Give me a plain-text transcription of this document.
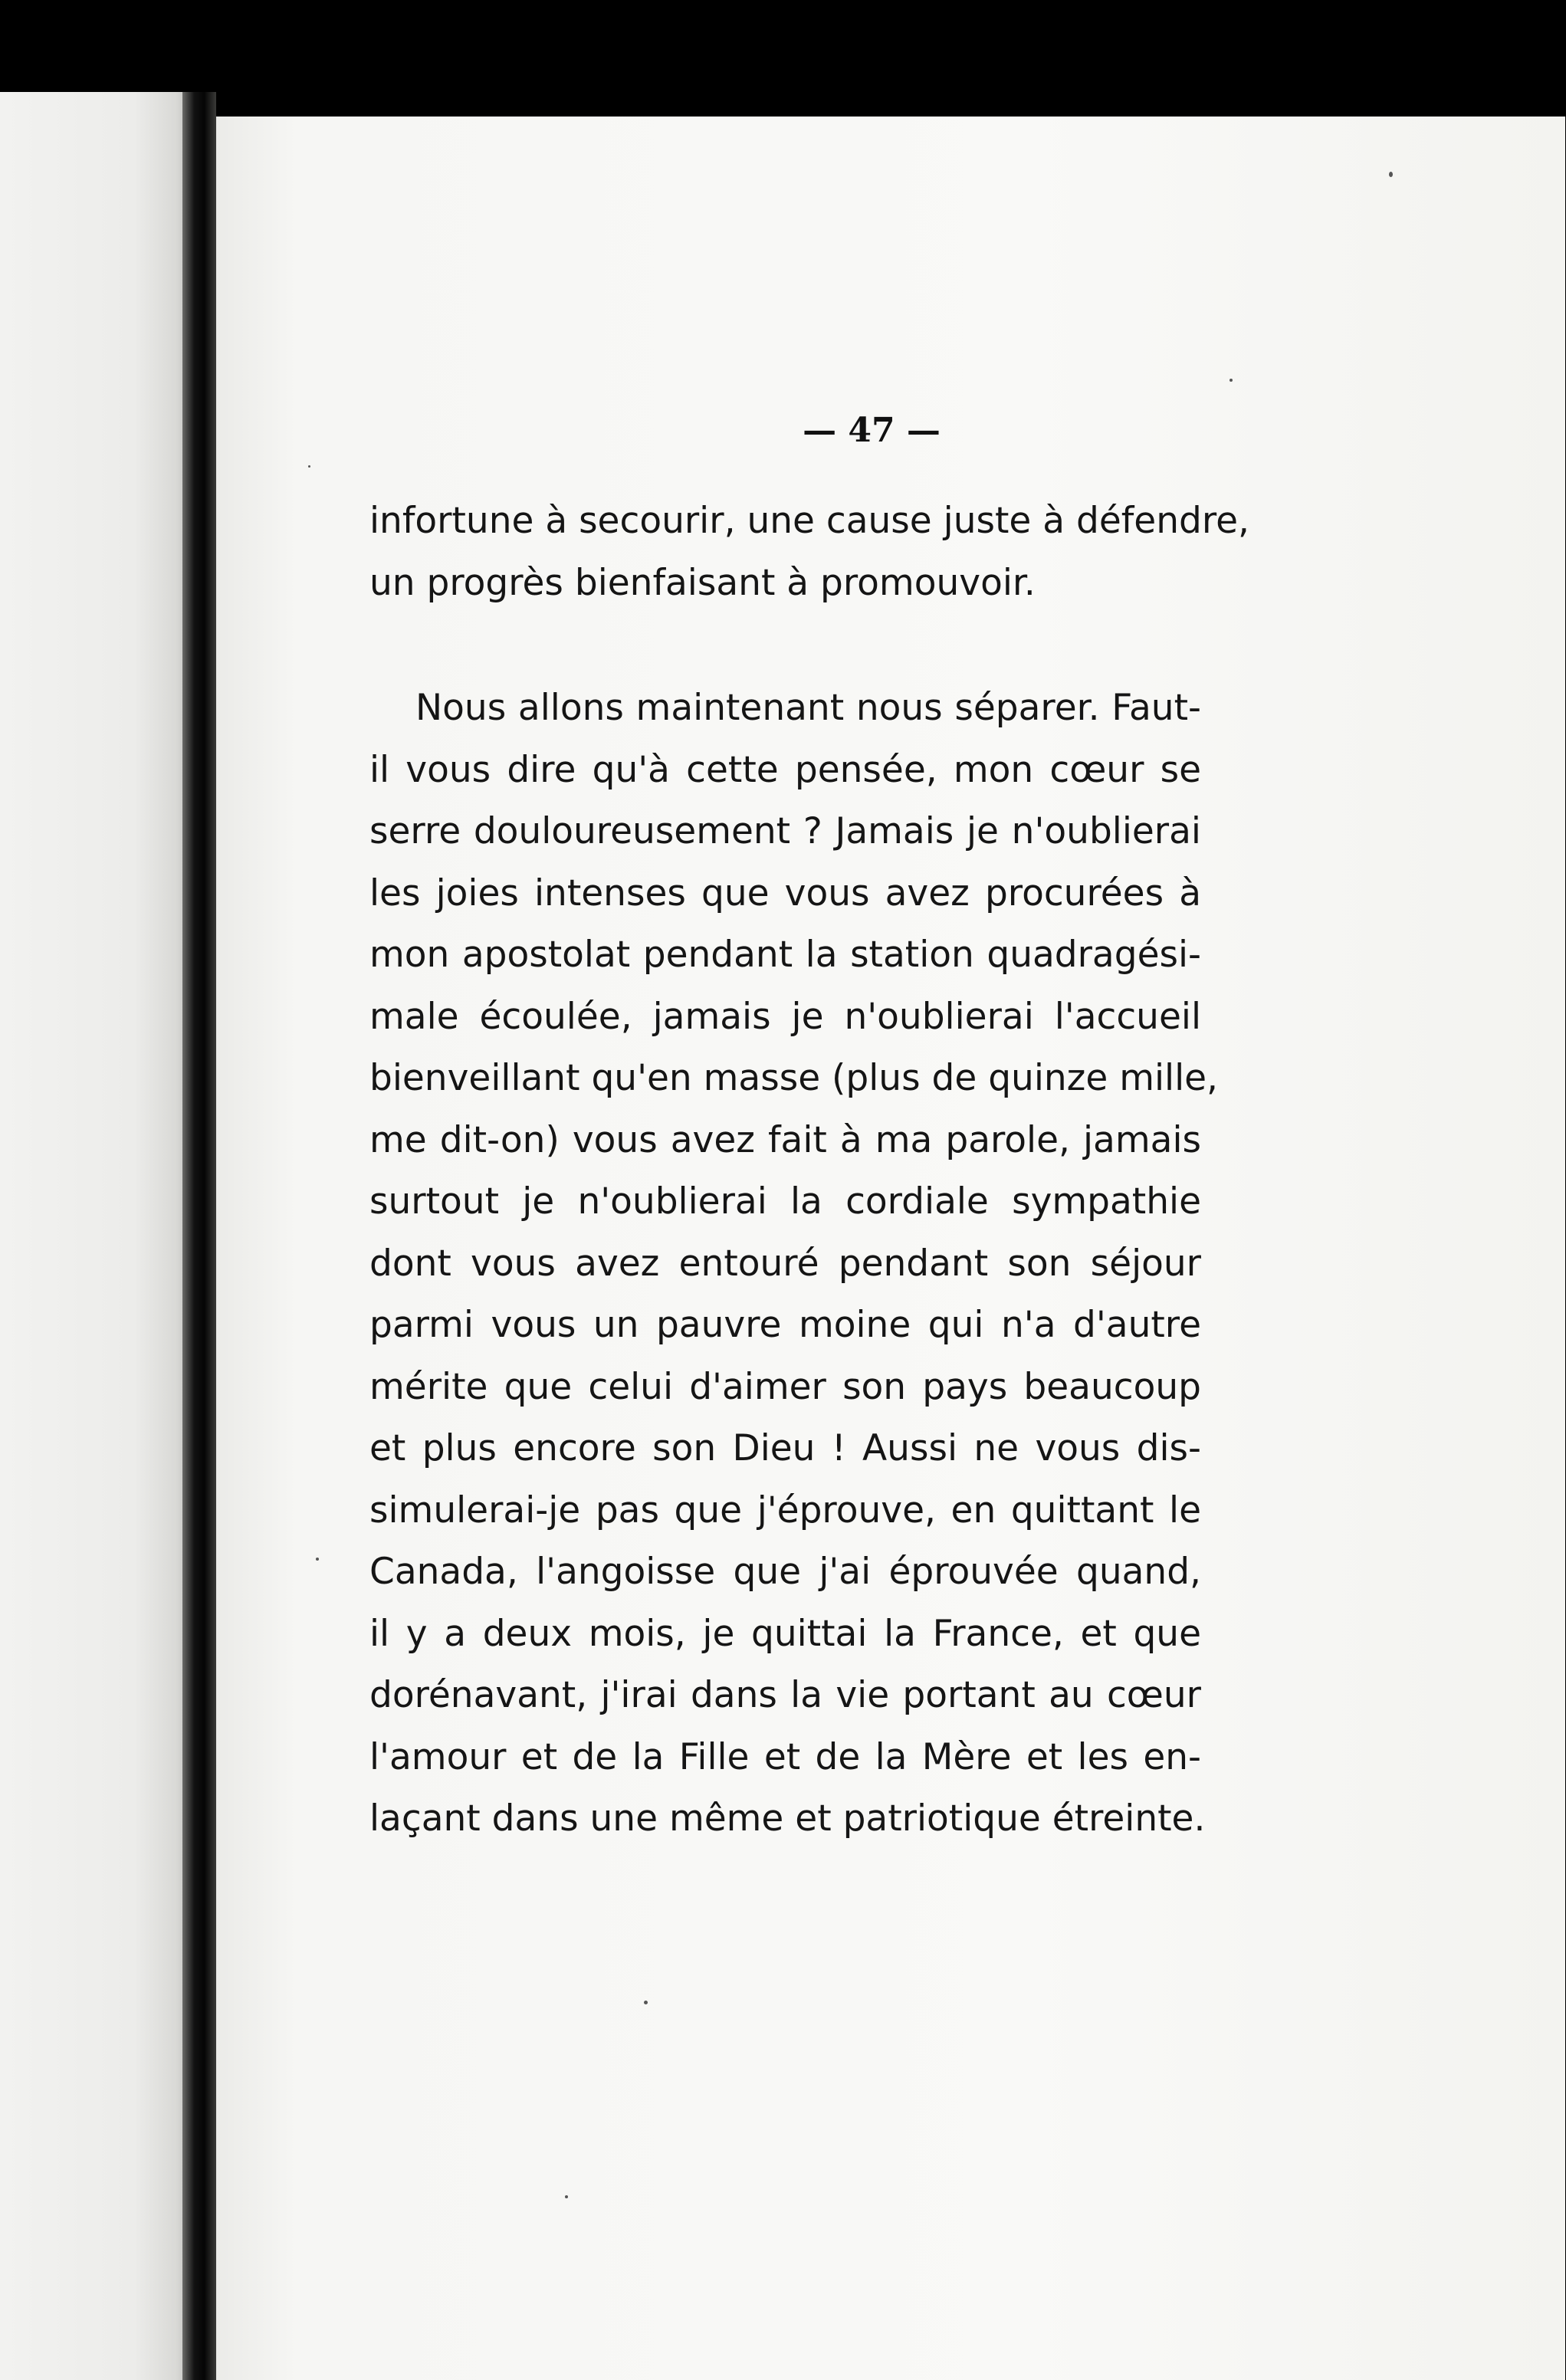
— 47 —
infortune à secourir, une cause juste à défendre,
un progrès bienfaisant à promouvoir.
Nous allons maintenant nous séparer. Faut-
il vous dire qu'à cette pensée, mon cœur se
serre douloureusement ? Jamais je n'oublierai
les joies intenses que vous avez procurées à
mon apostolat pendant la station quadragési-
male écoulée, jamais je n'oublierai l'accueil
bienveillant qu'en masse (plus de quinze mille,
me dit-on) vous avez fait à ma parole, jamais
surtout je n'oublierai la cordiale sympathie
dont vous avez entouré pendant son séjour
parmi vous un pauvre moine qui n'a d'autre
mérite que celui d'aimer son pays beaucoup
et plus encore son Dieu ! Aussi ne vous dis-
simulerai-je pas que j'éprouve, en quittant le
Canada, l'angoisse que j'ai éprouvée quand,
il y a deux mois, je quittai la France, et que
dorénavant, j'irai dans la vie portant au cœur
l'amour et de la Fille et de la Mère et les en-
laçant dans une même et patriotique étreinte.
